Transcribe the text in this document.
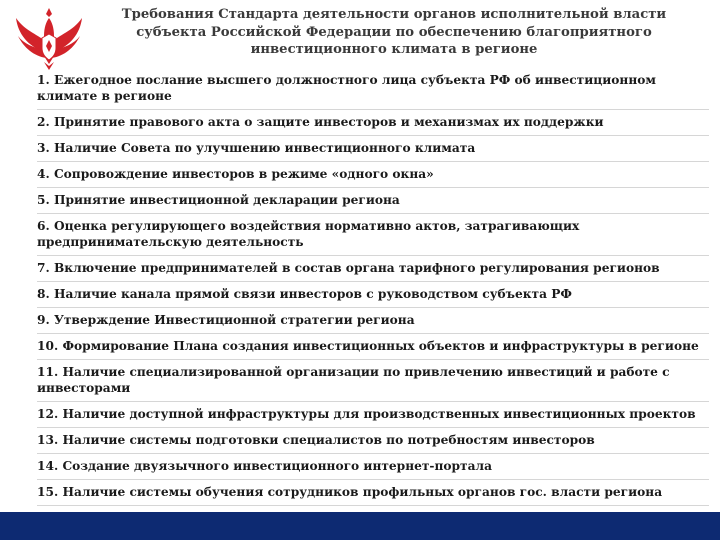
Требования Стандарта деятельности органов исполнительной власти
субъекта Российской Федерации по обеспечению благоприятного
инвестиционного климата в регионе
1. Ежегодное послание высшего должностного лица субъекта РФ об инвестиционном климате в регионе
2. Принятие правового акта о защите инвесторов и механизмах их поддержки
3. Наличие Совета по улучшению инвестиционного климата
4. Сопровождение инвесторов в режиме «одного окна»
5. Принятие инвестиционной декларации региона
6. Оценка регулирующего воздействия нормативно актов, затрагивающих предпринимательскую деятельность
7. Включение предпринимателей в состав органа тарифного регулирования регионов
8. Наличие канала прямой связи инвесторов с руководством субъекта РФ
9. Утверждение Инвестиционной стратегии региона
10. Формирование Плана создания инвестиционных объектов и инфраструктуры в регионе
11. Наличие специализированной организации по привлечению инвестиций и работе с инвесторами
12. Наличие доступной инфраструктуры для производственных инвестиционных проектов
13. Наличие системы подготовки специалистов по потребностям инвесторов
14. Создание двуязычного инвестиционного интернет-портала
15. Наличие системы обучения сотрудников профильных органов гос. власти региона
